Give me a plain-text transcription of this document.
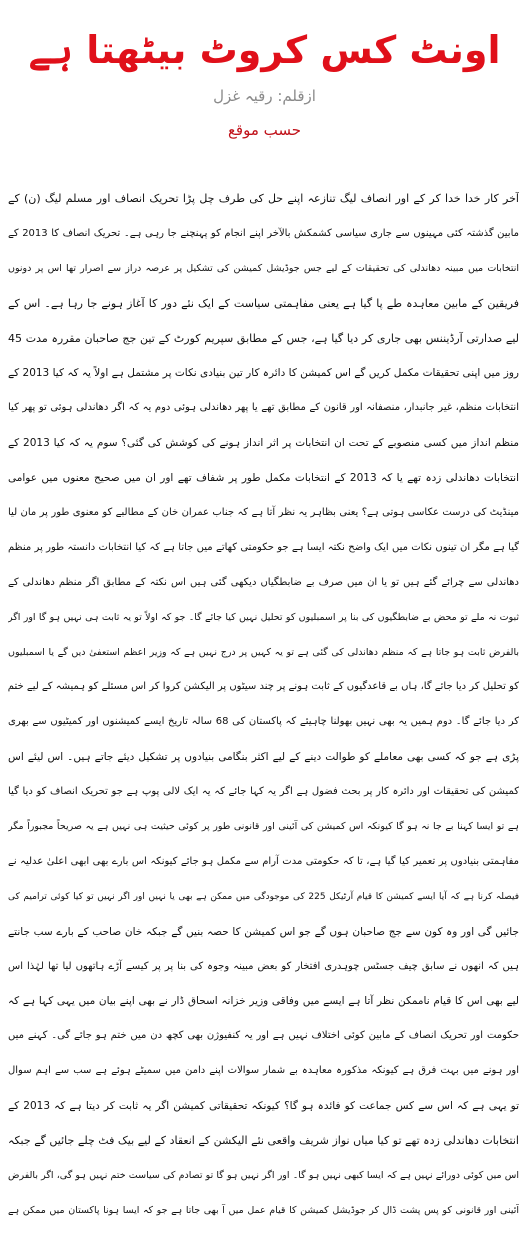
اونٹ کس کروٹ بیٹھتا ہے
ازقلم: رقیہ غزل
حسب موقع
آخر کار خدا خدا کر کے اور انصاف لیگ تنازعہ اپنے حل کی طرف چل پڑا تحریک انصاف اور مسلم لیگ (ن) کے
مابین گذشتہ کئی مہینوں سے جاری سیاسی کشمکش بالآخر اپنے انجام کو پہنچنے جا رہی ہے۔ تحریک انصاف کا 2013 کے
انتخابات میں مبینہ دھاندلی کی تحقیقات کے لیے جس جوڈیشل کمیشن کی تشکیل پر عرصہ دراز سے اصرار تھا اس پر دونوں
فریقین کے مابین معاہدہ طے پا گیا ہے یعنی مفاہمتی سیاست کے ایک نئے دور کا آغاز ہونے جا رہا ہے۔ اس کے
لیے صدارتی آرڈیننس بھی جاری کر دیا گیا ہے، جس کے مطابق سپریم کورٹ کے تین جج صاحبان مقررہ مدت 45
روز میں اپنی تحقیقات مکمل کریں گے اس کمیشن کا دائرہ کار تین بنیادی نکات پر مشتمل ہے اولاً یہ کہ کیا 2013 کے
انتخابات منظم، غیر جانبدار، منصفانہ اور قانون کے مطابق تھے یا پھر دھاندلی ہوئی دوم یہ کہ اگر دھاندلی ہوئی تو پھر کیا
منظم انداز میں کسی منصوبے کے تحت ان انتخابات پر اثر انداز ہونے کی کوشش کی گئی؟ سوم یہ کہ کیا 2013 کے
انتخابات دھاندلی زدہ تھے یا کہ 2013 کے انتخابات مکمل طور پر شفاف تھے اور ان میں صحیح معنوں میں عوامی
مینڈیٹ کی درست عکاسی ہوتی ہے؟ یعنی بظاہر یہ نظر آتا ہے کہ جناب عمران خان کے مطالبے کو معنوی طور پر مان لیا
گیا ہے مگر ان تینوں نکات میں ایک واضح نکتہ ایسا ہے جو حکومتی کھاتے میں جاتا ہے کہ کیا انتخابات دانستہ طور پر منظم
دھاندلی سے چرائے گئے ہیں تو یا ان میں صرف بے ضابطگیاں دیکھی گئی ہیں اس نکتہ کے مطابق اگر منظم دھاندلی کے
ثبوت نہ ملے تو محض بے ضابطگیوں کی بنا پر اسمبلیوں کو تحلیل نہیں کیا جائے گا۔ جو کہ اولاً تو یہ ثابت ہی نہیں ہو گا اور اگر
بالفرض ثابت ہو جاتا ہے کہ منظم دھاندلی کی گئی ہے تو یہ کہیں پر درج نہیں ہے کہ وزیر اعظم استعفیٰ دیں گے یا اسمبلیوں
کو تحلیل کر دیا جائے گا، ہاں بے قاعدگیوں کے ثابت ہونے پر چند سیٹوں پر الیکشن کروا کر اس مسئلے کو ہمیشہ کے لیے ختم
کر دیا جائے گا۔ دوم ہمیں یہ بھی نہیں بھولنا چاہیئے کہ پاکستان کی 68 سالہ تاریخ ایسے کمیشنوں اور کمیٹیوں سے بھری
پڑی ہے جو کہ کسی بھی معاملے کو طوالت دینے کے لیے اکثر بنگامی بنیادوں پر تشکیل دیئے جاتے ہیں۔ اس لیئے اس
کمیشن کی تحقیقات اور دائرہ کار پر بحث فضول ہے اگر یہ کہا جائے کہ یہ ایک لالی پوپ ہے جو تحریک انصاف کو دیا گیا
ہے تو ایسا کہنا بے جا نہ ہو گا کیونکہ اس کمیشن کی آئینی اور قانونی طور پر کوئی حیثیت ہی نہیں ہے یہ صریحاً مجبوراً مگر
مفاہمتی بنیادوں پر تعمیر کیا گیا ہے، تا کہ حکومتی مدت آرام سے مکمل ہو جائے کیونکہ اس بارے بھی ابھی اعلیٰ عدلیہ نے
فیصلہ کرنا ہے کہ آیا ایسے کمیشن کا قیام آرٹیکل 225 کی موجودگی میں ممکن ہے بھی یا نہیں اور اگر نہیں تو کیا کوئی ترامیم کی
جائیں گی اور وہ کون سے جج صاحبان ہوں گے جو اس کمیشن کا حصہ بنیں گے جبکہ خان صاحب کے بارے سب جانتے
ہیں کہ انھوں نے سابق چیف جسٹس چوہدری افتخار کو بعض مبینہ وجوہ کی بنا پر پر کیسے آڑے ہاتھوں لیا تھا لہٰذا اس
لیے بھی اس کا قیام ناممکن نظر آتا ہے ایسے میں وفاقی وزیر خزانہ اسحاق ڈار نے بھی اپنے بیان میں یہی کہا ہے کہ
حکومت اور تحریک انصاف کے مابین کوئی اختلاف نہیں ہے اور یہ کنفیوژن بھی کچھ دن میں ختم ہو جائے گی۔ کہنے میں
اور ہونے میں بہت فرق ہے کیونکہ مذکورہ معاہدہ بے شمار سوالات اپنے دامن میں سمیٹے ہوئے ہے سب سے اہم سوال
تو یہی ہے کہ اس سے کس جماعت کو فائدہ ہو گا؟ کیونکہ تحقیقاتی کمیشن اگر یہ ثابت کر دیتا ہے کہ 2013 کے
انتخابات دھاندلی زدہ تھے تو کیا میاں نواز شریف واقعی نئے الیکشن کے انعقاد کے لیے بیک فٹ چلے جائیں گے جبکہ
اس میں کوئی دورائے نہیں ہے کہ ایسا کبھی نہیں ہو گا۔ اور اگر نہیں ہو گا تو تصادم کی سیاست ختم نہیں ہو گی، اگر بالفرض
آئینی اور قانونی کو پس پشت ڈال کر جوڈیشل کمیشن کا قیام عمل میں آ بھی جاتا ہے جو کہ ایسا ہونا پاکستان میں ممکن ہے
